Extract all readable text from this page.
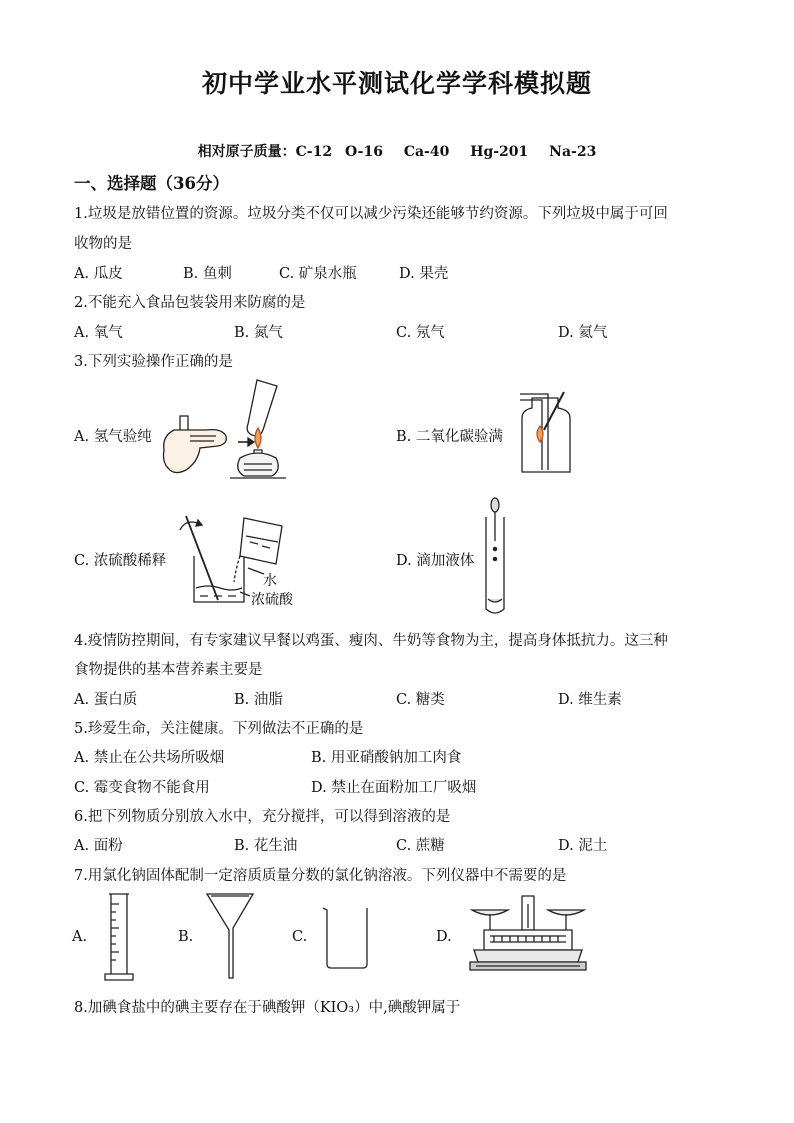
初中学业水平测试化学学科模拟题
相对原子质量：C-12 O-16 Ca-40 Hg-201 Na-23
一、选择题（36分）
1.垃圾是放错位置的资源。垃圾分类不仅可以减少污染还能够节约资源。下列垃圾中属于可回
收物的是
A. 瓜皮	B. 鱼刺	C. 矿泉水瓶	D. 果壳
2.不能充入食品包装袋用来防腐的是
A. 氧气	B. 氮气	C. 氖气	D. 氦气
3.下列实验操作正确的是
A. 氢气验纯	B. 二氧化碳验满
C. 浓硫酸稀释	D. 滴加液体
水
浓硫酸
4.疫情防控期间，有专家建议早餐以鸡蛋、瘦肉、牛奶等食物为主，提高身体抵抗力。这三种
食物提供的基本营养素主要是
A. 蛋白质	B. 油脂	C. 糖类	D. 维生素
5.珍爱生命，关注健康。下列做法不正确的是
A. 禁止在公共场所吸烟	B. 用亚硝酸钠加工肉食
C. 霉变食物不能食用	D. 禁止在面粉加工厂吸烟
6.把下列物质分别放入水中，充分搅拌，可以得到溶液的是
A. 面粉	B. 花生油	C. 蔗糖	D. 泥土
7.用氯化钠固体配制一定溶质质量分数的氯化钠溶液。下列仪器中不需要的是
A.	B.	C.	D.
8.加碘食盐中的碘主要存在于碘酸钾（KIO₃）中,碘酸钾属于
